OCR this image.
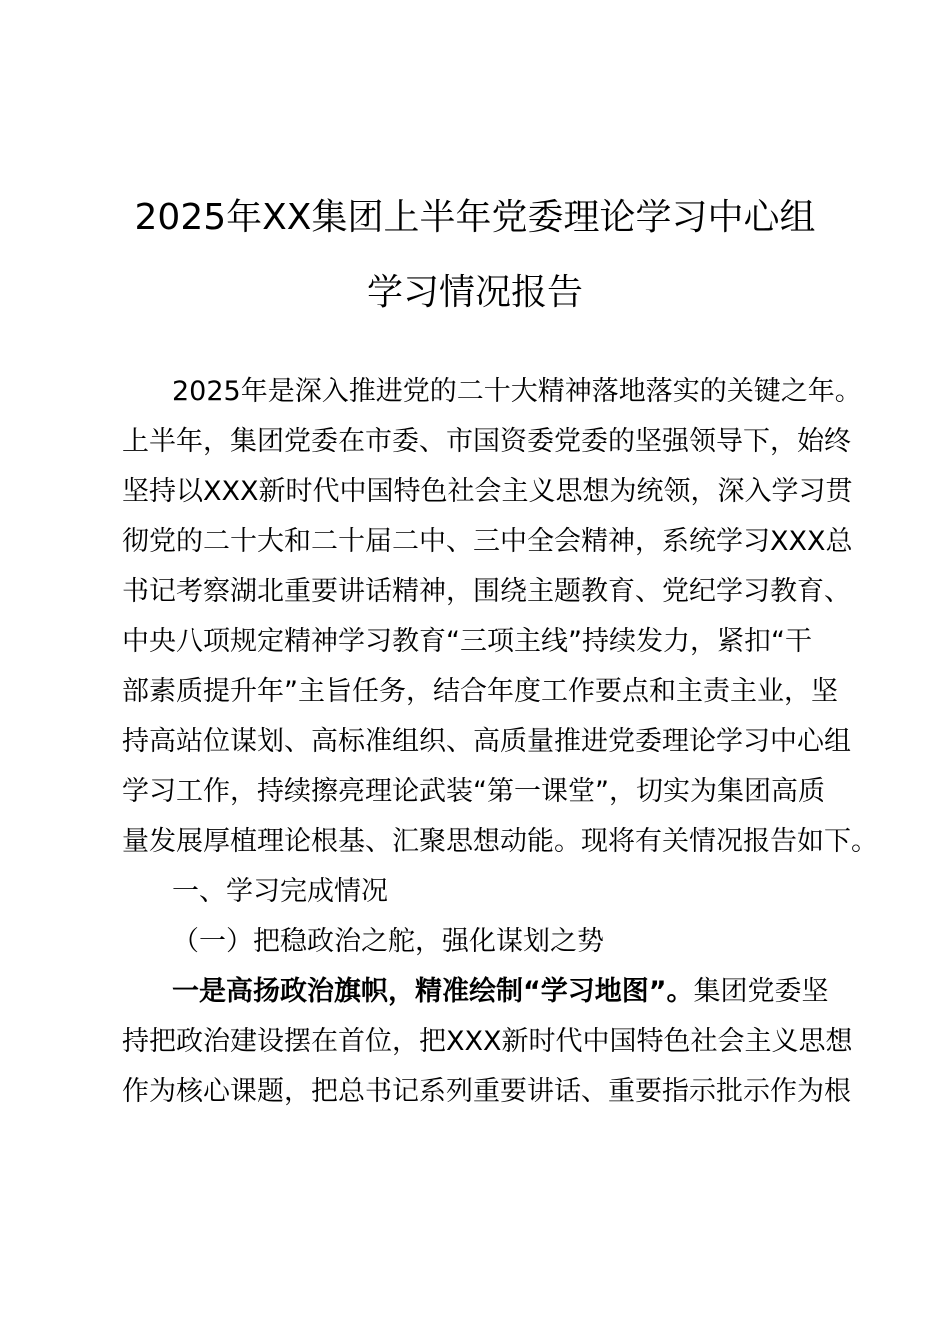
2025年XX集团上半年党委理论学习中心组
学习情况报告
2025年是深入推进党的二十大精神落地落实的关键之年。
上半年，集团党委在市委、市国资委党委的坚强领导下，始终
坚持以XXX新时代中国特色社会主义思想为统领，深入学习贯
彻党的二十大和二十届二中、三中全会精神，系统学习XXX总
书记考察湖北重要讲话精神，围绕主题教育、党纪学习教育、
中央八项规定精神学习教育“三项主线”持续发力，紧扣“干
部素质提升年”主旨任务，结合年度工作要点和主责主业，坚
持高站位谋划、高标准组织、高质量推进党委理论学习中心组
学习工作，持续擦亮理论武装“第一课堂”，切实为集团高质
量发展厚植理论根基、汇聚思想动能。现将有关情况报告如下。
一、学习完成情况
（一）把稳政治之舵，强化谋划之势
一是高扬政治旗帜，精准绘制“学习地图”。集团党委坚
持把政治建设摆在首位，把XXX新时代中国特色社会主义思想
作为核心课题，把总书记系列重要讲话、重要指示批示作为根
